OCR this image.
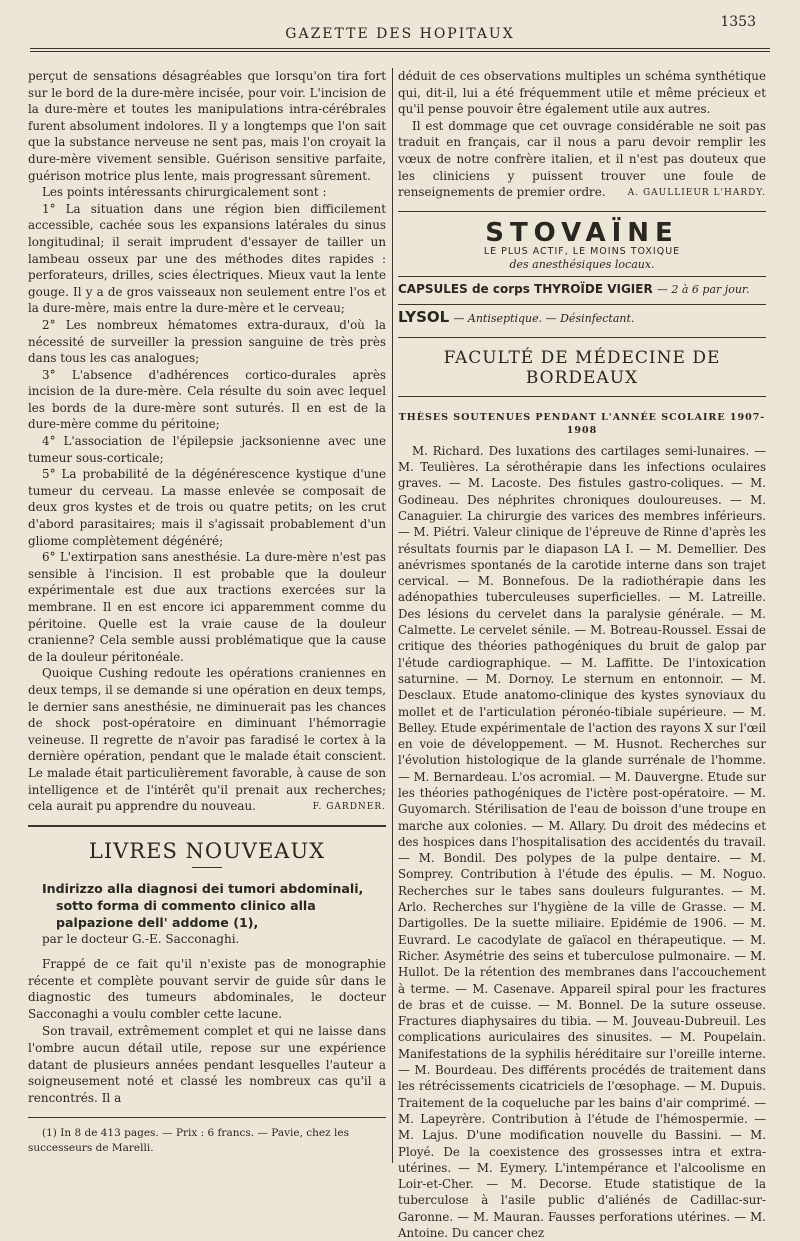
1353
GAZETTE DES HOPITAUX

perçut de sensations désagréables que lorsqu'on tira fort sur le bord de la dure-mère incisée, pour voir. L'incision de la dure-mère et toutes les manipulations intra-cérébrales furent absolument indolores. Il y a longtemps que l'on sait que la substance nerveuse ne sent pas, mais l'on croyait la dure-mère vivement sensible. Guérison sensitive parfaite, guérison motrice plus lente, mais progressant sûrement.

Les points intéressants chirurgicalement sont :

1° La situation dans une région bien difficilement accessible, cachée sous les expansions latérales du sinus longitudinal; il serait imprudent d'essayer de tailler un lambeau osseux par une des méthodes dites rapides : perforateurs, drilles, scies électriques. Mieux vaut la lente gouge. Il y a de gros vaisseaux non seulement entre l'os et la dure-mère, mais entre la dure-mère et le cerveau;

2° Les nombreux hématomes extra-duraux, d'où la nécessité de surveiller la pression sanguine de très près dans tous les cas analogues;

3° L'absence d'adhérences cortico-durales après incision de la dure-mère. Cela résulte du soin avec lequel les bords de la dure-mère sont suturés. Il en est de la dure-mère comme du péritoine;

4° L'association de l'épilepsie jacksonienne avec une tumeur sous-corticale;

5° La probabilité de la dégénérescence kystique d'une tumeur du cerveau. La masse enlevée se composait de deux gros kystes et de trois ou quatre petits; on les crut d'abord parasitaires; mais il s'agissait probablement d'un gliome complètement dégénéré;

6° L'extirpation sans anesthésie. La dure-mère n'est pas sensible à l'incision. Il est probable que la douleur expérimentale est due aux tractions exercées sur la membrane. Il en est encore ici apparemment comme du péritoine. Quelle est la vraie cause de la douleur cranienne? Cela semble aussi problématique que la cause de la douleur péritonéale.

Quoique Cushing redoute les opérations craniennes en deux temps, il se demande si une opération en deux temps, le dernier sans anesthésie, ne diminuerait pas les chances de shock post-opératoire en diminuant l'hémorragie veineuse. Il regrette de n'avoir pas faradisé le cortex à la dernière opération, pendant que le malade était conscient. Le malade était particulièrement favorable, à cause de son intelligence et de l'intérêt qu'il prenait aux recherches; cela aurait pu apprendre du nouveau.	F. GARDNER.
LIVRES NOUVEAUX
Indirizzo alla diagnosi dei tumori abdominali, sotto forma di commento clinico alla palpazione dell' addome (1),
par le docteur G.-E. Sacconaghi.

Frappé de ce fait qu'il n'existe pas de monographie récente et complète pouvant servir de guide sûr dans le diagnostic des tumeurs abdominales, le docteur Sacconaghi a voulu combler cette lacune.

Son travail, extrêmement complet et qui ne laisse dans l'ombre aucun détail utile, repose sur une expérience datant de plusieurs années pendant lesquelles l'auteur a soigneusement noté et classé les nombreux cas qu'il a rencontrés. Il a

(1) In 8 de 413 pages. — Prix : 6 francs. — Pavie, chez les successeurs de Marelli.

déduit de ces observations multiples un schéma synthétique qui, dit-il, lui a été fréquemment utile et même précieux et qu'il pense pouvoir être également utile aux autres.

Il est dommage que cet ouvrage considérable ne soit pas traduit en français, car il nous a paru devoir remplir les vœux de notre confrère italien, et il n'est pas douteux que les cliniciens y puissent trouver une foule de renseignements de premier ordre.	A. GAULLIEUR L'HARDY.
STOVAÏNE
LE PLUS ACTIF, LE MOINS TOXIQUE
des anesthésiques locaux.
CAPSULES de corps THYROÏDE VIGIER — 2 à 6 par jour.
LYSOL — Antiseptique. — Désinfectant.
FACULTÉ DE MÉDECINE DE BORDEAUX
THÈSES SOUTENUES PENDANT L'ANNÉE SCOLAIRE 1907-1908

M. Richard. Des luxations des cartilages semi-lunaires. — M. Teulières. La sérothérapie dans les infections oculaires graves. — M. Lacoste. Des fistules gastro-coliques. — M. Godineau. Des néphrites chroniques douloureuses. — M. Canaguier. La chirurgie des varices des membres inférieurs. — M. Piétri. Valeur clinique de l'épreuve de Rinne d'après les résultats fournis par le diapason LA I. — M. Demellier. Des anévrismes spontanés de la carotide interne dans son trajet cervical. — M. Bonnefous. De la radiothérapie dans les adénopathies tuberculeuses superficielles. — M. Latreille. Des lésions du cervelet dans la paralysie générale. — M. Calmette. Le cervelet sénile. — M. Botreau-Roussel. Essai de critique des théories pathogéniques du bruit de galop par l'étude cardiographique. — M. Laffitte. De l'intoxication saturnine. — M. Dornoy. Le sternum en entonnoir. — M. Desclaux. Etude anatomo-clinique des kystes synoviaux du mollet et de l'articulation péronéo-tibiale supérieure. — M. Belley. Etude expérimentale de l'action des rayons X sur l'œil en voie de développement. — M. Husnot. Recherches sur l'évolution histologique de la glande surrénale de l'homme. — M. Bernardeau. L'os acromial. — M. Dauvergne. Etude sur les théories pathogéniques de l'ictère post-opératoire. — M. Guyomarch. Stérilisation de l'eau de boisson d'une troupe en marche aux colonies. — M. Allary. Du droit des médecins et des hospices dans l'hospitalisation des accidentés du travail. — M. Bondil. Des polypes de la pulpe dentaire. — M. Somprey. Contribution à l'étude des épulis. — M. Noguo. Recherches sur le tabes sans douleurs fulgurantes. — M. Arlo. Recherches sur l'hygiène de la ville de Grasse. — M. Dartigolles. De la suette miliaire. Epidémie de 1906. — M. Euvrard. Le cacodylate de gaïacol en thérapeutique. — M. Richer. Asymétrie des seins et tuberculose pulmonaire. — M. Hullot. De la rétention des membranes dans l'accouchement à terme. — M. Casenave. Appareil spiral pour les fractures de bras et de cuisse. — M. Bonnel. De la suture osseuse. Fractures diaphysaires du tibia. — M. Jouveau-Dubreuil. Les complications auriculaires des sinusites. — M. Poupelain. Manifestations de la syphilis héréditaire sur l'oreille interne. — M. Bourdeau. Des différents procédés de traitement dans les rétrécissements cicatriciels de l'œsophage. — M. Dupuis. Traitement de la coqueluche par les bains d'air comprimé. — M. Lapeyrère. Contribution à l'étude de l'hémospermie. — M. Lajus. D'une modification nouvelle du Bassini. — M. Ployé. De la coexistence des grossesses intra et extra-utérines. — M. Eymery. L'intempérance et l'alcoolisme en Loir-et-Cher. — M. Decorse. Etude statistique de la tuberculose à l'asile public d'aliénés de Cadillac-sur-Garonne. — M. Mauran. Fausses perforations utérines. — M. Antoine. Du cancer chez
